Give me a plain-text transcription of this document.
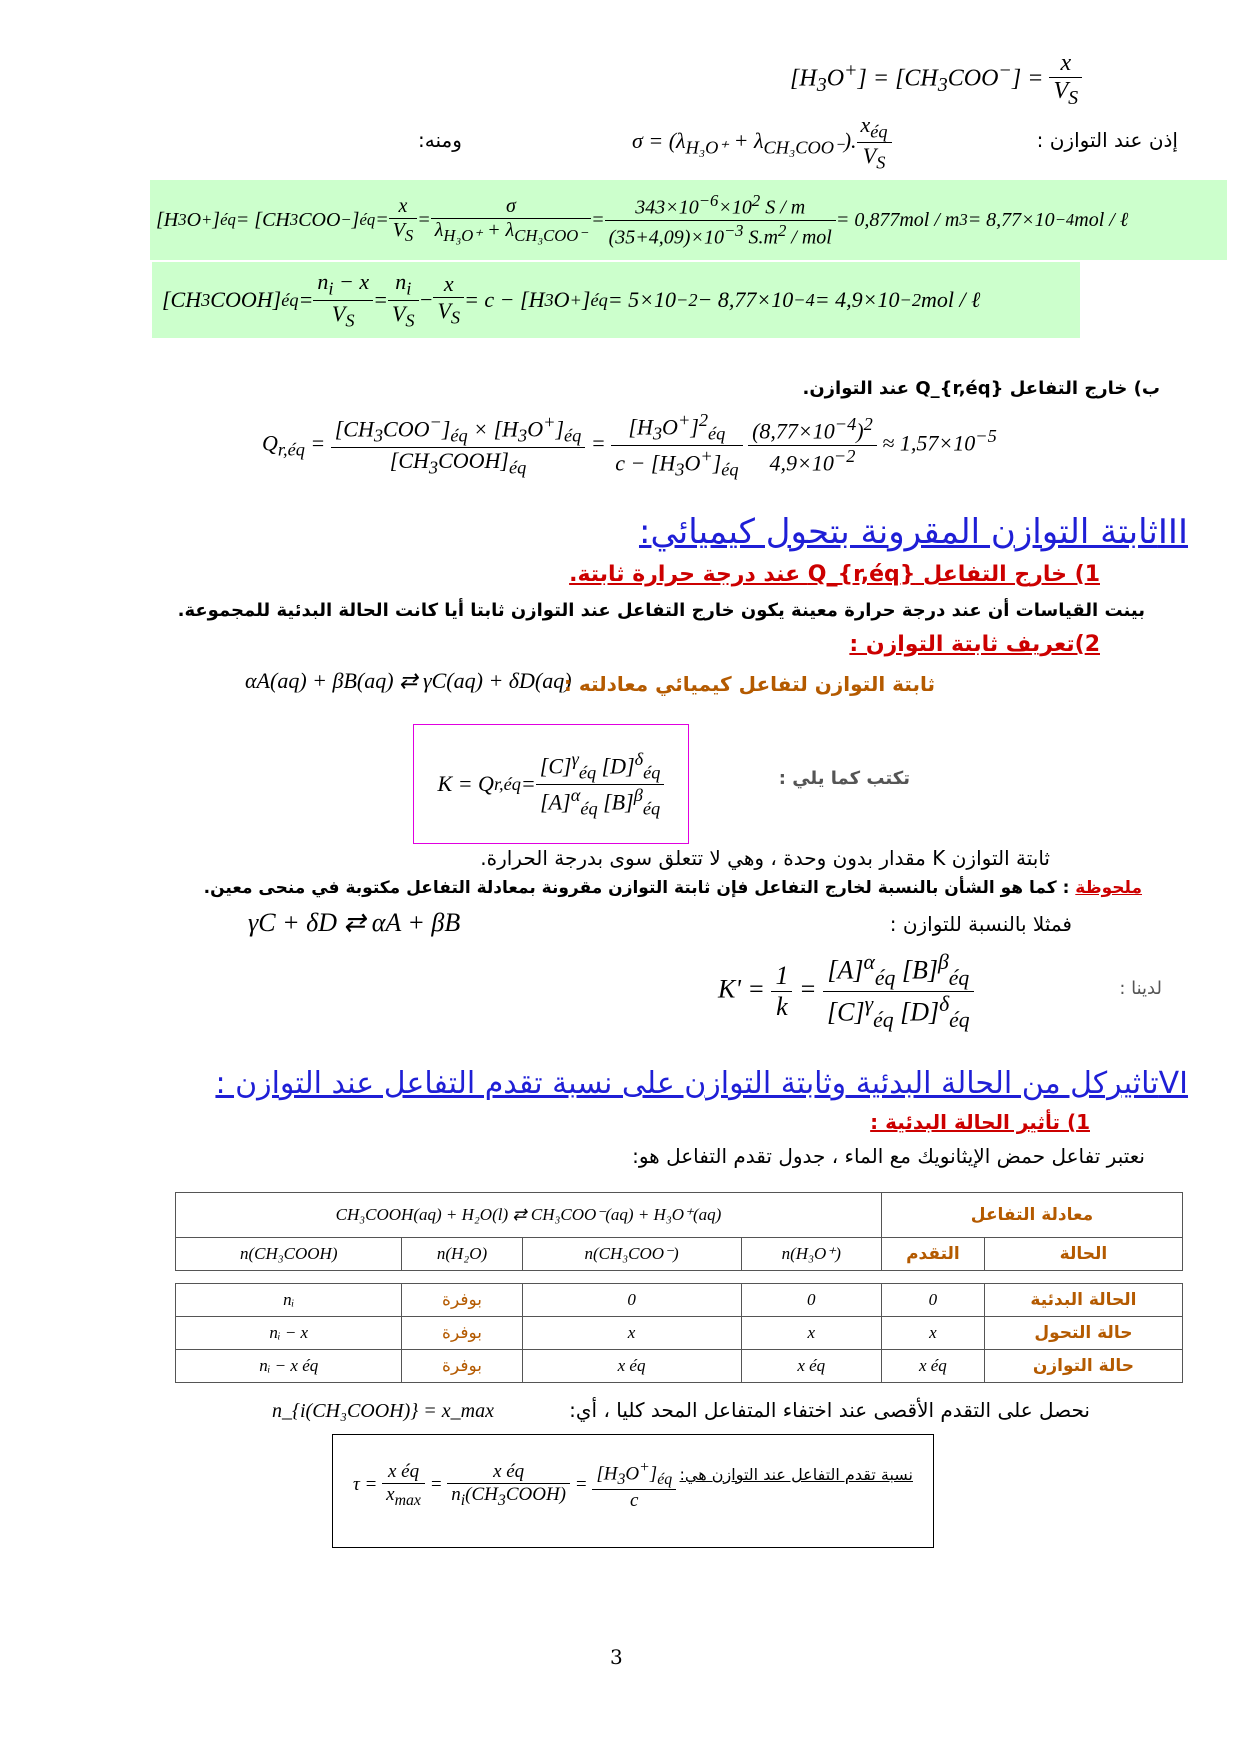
$[H_3O^+] = [CH_3COO^-] = \frac{x}{V_S}$
إذن عند التوازن :
$\sigma = (\lambda_{H_3O^+} + \lambda_{CH_3COO^-})$. $\frac{x_{éq}}{V_S}$
ومنه:
[H 3 O + ] éq = [CH 3 COO − ] éq = $\frac{x}{V_S} = \frac{\sigma}{\lambda_{H_3O^+} + \lambda_{CH_3COO^-}} = \frac{343\times 10^{-6}\times 10^2 S / m}{(35+4,09)\times 10^{-3} S.m^2 / mol} = 0,877mol / m$ 3 = 8,77×10 −4 mol / ℓ
[CH 3 COOH] éq = $\frac{n_i - x}{V_S} = \frac{n_i}{V_S} - \frac{x}{V_S} = c - [H$ 3 O + ] éq = 5×10 −2 − 8,77×10 −4 = 4,9×10 −2 mol / ℓ
ب) خارج التفاعل Q_{r,éq} عند التوازن.
$Q_{r,éq} = \frac{[CH_3COO^-]_{éq} \times [H_3O^+]_{éq}}{[CH_3COOH]_{éq}} = \frac{[H_3O^+]^2_{éq}}{c - [H_3O^+]_{éq}}$
$\frac{(8,77\times 10^{-4})^2}{4,9\times 10^{-2}} \approx 1,57\times 10^{-5}$
IIIثابتة التوازن المقرونة بتحول كيميائي:
1) خارج التفاعل Q_{r,éq} عند درجة حرارة ثابتة.
بينت القياسات أن عند درجة حرارة معينة يكون خارج التفاعل عند التوازن ثابتا أيا كانت الحالة البدئية للمجموعة.
2)تعريف ثابتة التوازن :
αA(aq) + βB(aq) ⇄ γC(aq) + δD(aq)
ثابتة التوازن لتفاعل كيميائي معادلته :
K = Q r,éq = $\frac{[C]^\gamma_{éq} [D]^\delta_{éq}}{[A]^\alpha_{éq} [B]^\beta_{éq}}$	تكتب كما يلي :
ثابتة التوازن K مقدار بدون وحدة ، وهي لا تتعلق سوى بدرجة الحرارة.
ملحوظة : كما هو الشأن بالنسبة لخارج التفاعل فإن ثابتة التوازن مقرونة بمعادلة التفاعل مكتوبة في منحى معين.
γC + δD ⇄ αA + βB	فمثلا بالنسبة للتوازن :
$K' = \frac{1}{k} = \frac{[A]^\alpha_{éq} [B]^\beta_{éq}}{[C]^\gamma_{éq} [D]^\delta_{éq}}$	لدينا :
VIتاثيركل من الحالة البدئية وثابتة التوازن على نسبة تقدم التفاعل عند التوازن :
1) تأثير الحالة البدئية :
نعتبر تفاعل حمض الإيثانويك مع الماء ، جدول تقدم التفاعل هو:
CH₃COOH(aq) + H₂O(l) ⇄ CH₃COO⁻(aq) + H₃O⁺(aq)				معادلة التفاعل	
n(CH₃COOH)	n(H₂O)	n(CH₃COO⁻)	n(H₃O⁺)	التقدم	الحالة

nᵢ	بوفرة	0	0	0	الحالة البدئية
nᵢ − x	بوفرة	x	x	x	حالة التحول
nᵢ − x éq	بوفرة	x éq	x éq	x éq	حالة التوازن
n_{i(CH₃COOH)} = x_max	نحصل على التقدم الأقصى عند اختفاء المتفاعل المحد كليا ، أي:
$\tau = \frac{\text{x éq}}{x_{max}} = \frac{\text{x éq}}{n_i(CH_3COOH)} = \frac{[H_3O^+]_{éq}}{c}$ نسبة تقدم التفاعل عند التوازن هي:
3
